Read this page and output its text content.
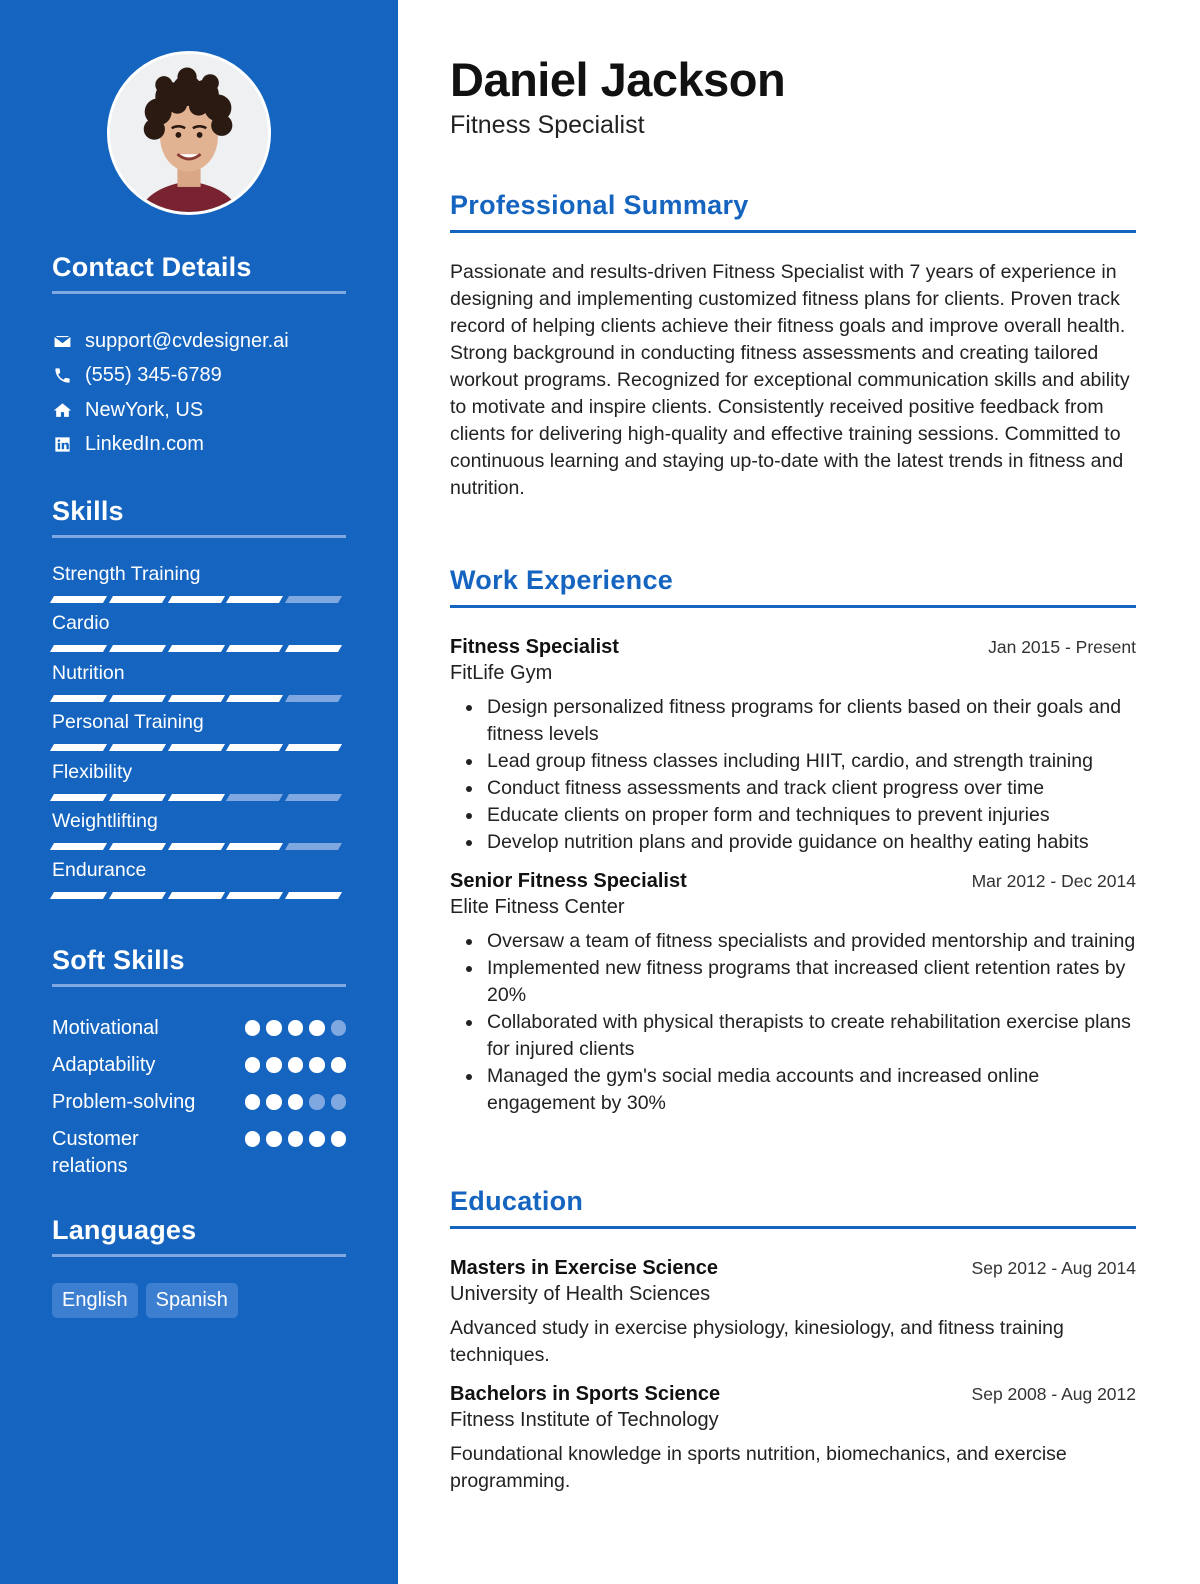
Contact Details
support@cvdesigner.ai
(555) 345-6789
NewYork, US
LinkedIn.com
Skills
Strength Training
Cardio
Nutrition
Personal Training
Flexibility
Weightlifting
Endurance
Soft Skills
Motivational
Adaptability
Problem-solving
Customer relations
Languages
English	Spanish
Daniel Jackson
Fitness Specialist
Professional Summary

Passionate and results-driven Fitness Specialist with 7 years of experience in designing and implementing customized fitness plans for clients. Proven track record of helping clients achieve their fitness goals and improve overall health. Strong background in conducting fitness assessments and creating tailored workout programs. Recognized for exceptional communication skills and ability to motivate and inspire clients. Consistently received positive feedback from clients for delivering high-quality and effective training sessions. Committed to continuous learning and staying up-to-date with the latest trends in fitness and nutrition.

Work Experience
Fitness Specialist	Jan 2015 - Present
FitLife Gym
Design personalized fitness programs for clients based on their goals and fitness levels
Lead group fitness classes including HIIT, cardio, and strength training
Conduct fitness assessments and track client progress over time
Educate clients on proper form and techniques to prevent injuries
Develop nutrition plans and provide guidance on healthy eating habits
Senior Fitness Specialist	Mar 2012 - Dec 2014
Elite Fitness Center
Oversaw a team of fitness specialists and provided mentorship and training
Implemented new fitness programs that increased client retention rates by 20%
Collaborated with physical therapists to create rehabilitation exercise plans for injured clients
Managed the gym's social media accounts and increased online engagement by 30%
Education
Masters in Exercise Science	Sep 2012 - Aug 2014
University of Health Sciences

Advanced study in exercise physiology, kinesiology, and fitness training techniques.

Bachelors in Sports Science	Sep 2008 - Aug 2012
Fitness Institute of Technology

Foundational knowledge in sports nutrition, biomechanics, and exercise programming.
